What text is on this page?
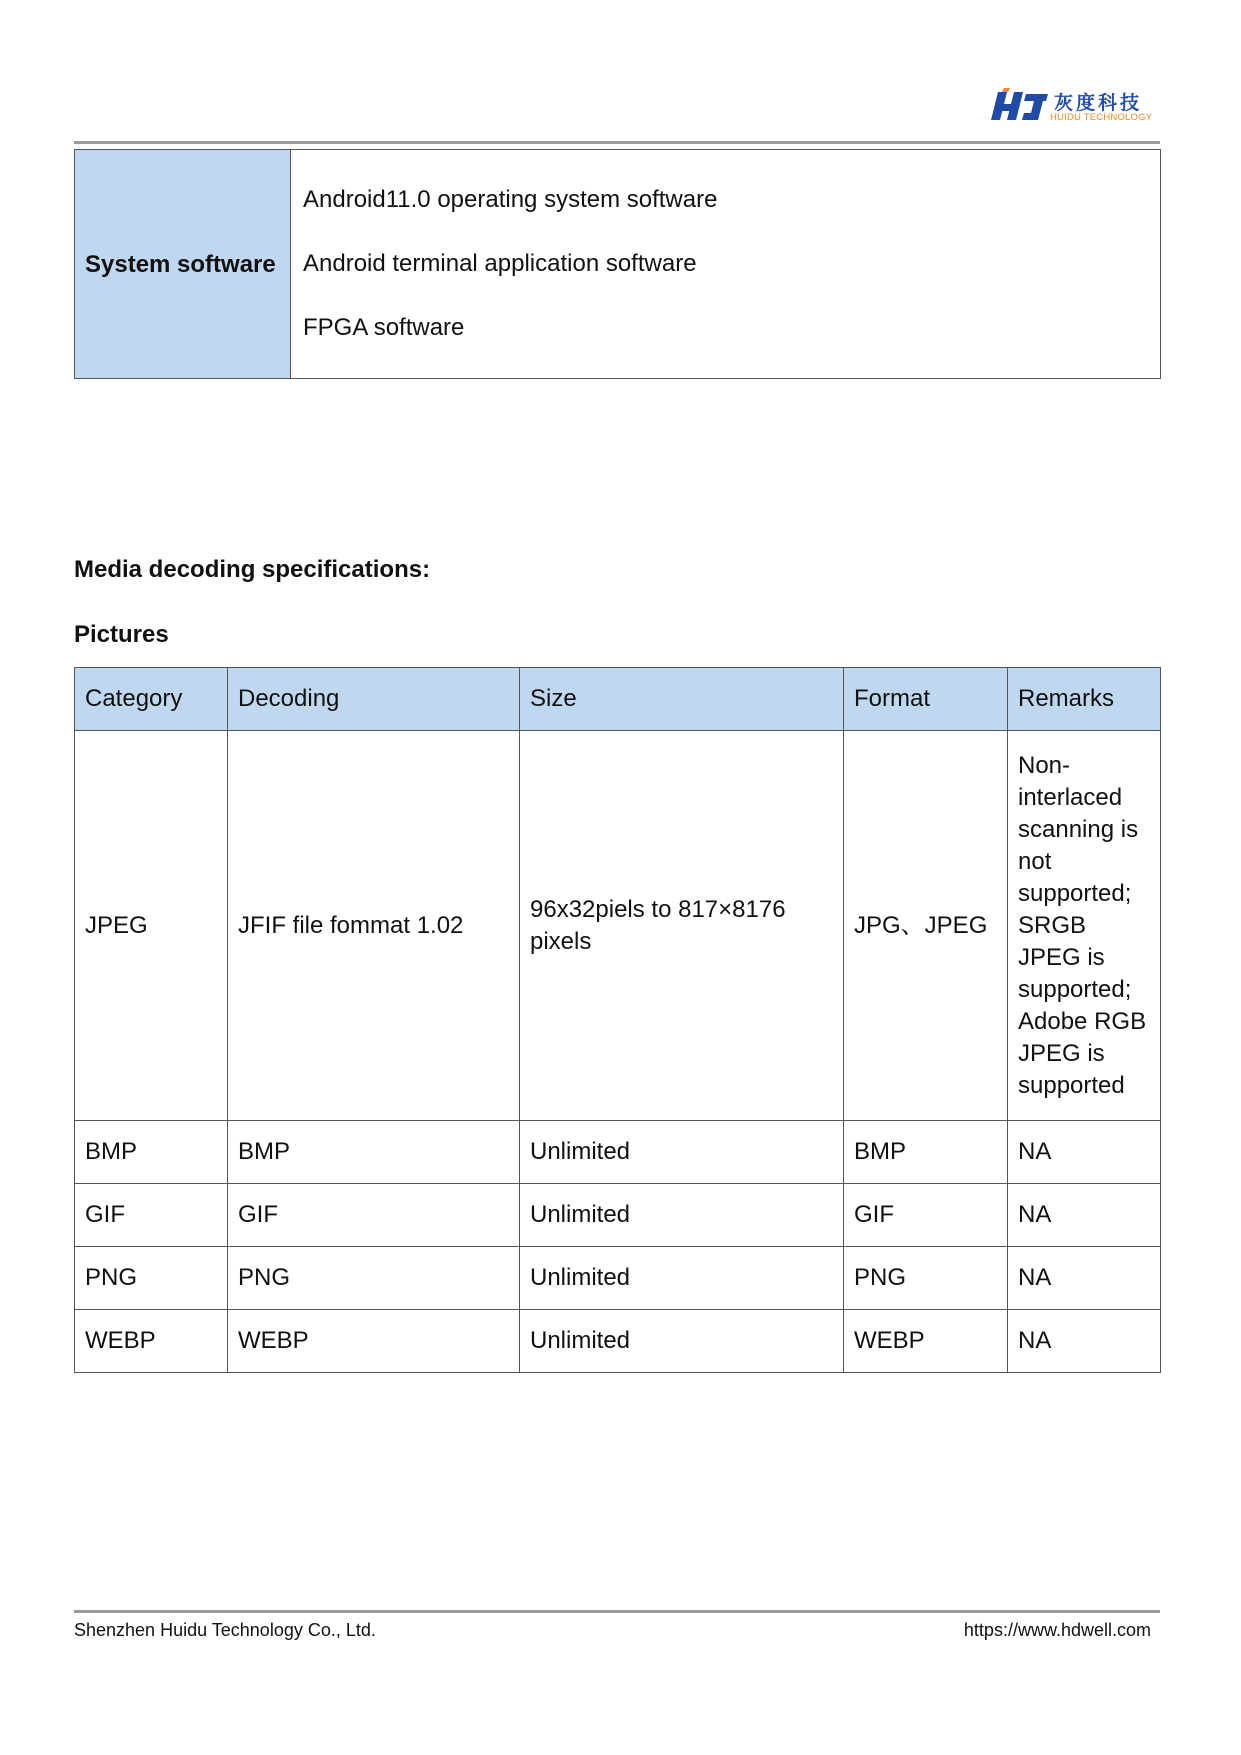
灰度科技
HUIDU TECHNOLOGY
System software	

Android11.0 operating system software

Android terminal application software

FPGA software

Media decoding specifications:
Pictures
Category	Decoding	Size	Format	Remarks
JPEG	JFIF file fommat 1.02	96x32piels to 817×8176 pixels	JPG、JPEG	Non-interlaced scanning is not supported; SRGB JPEG is supported; Adobe RGB JPEG is supported
BMP	BMP	Unlimited	BMP	NA
GIF	GIF	Unlimited	GIF	NA
PNG	PNG	Unlimited	PNG	NA
WEBP	WEBP	Unlimited	WEBP	NA
Shenzhen Huidu Technology Co., Ltd.	https://www.hdwell.com
